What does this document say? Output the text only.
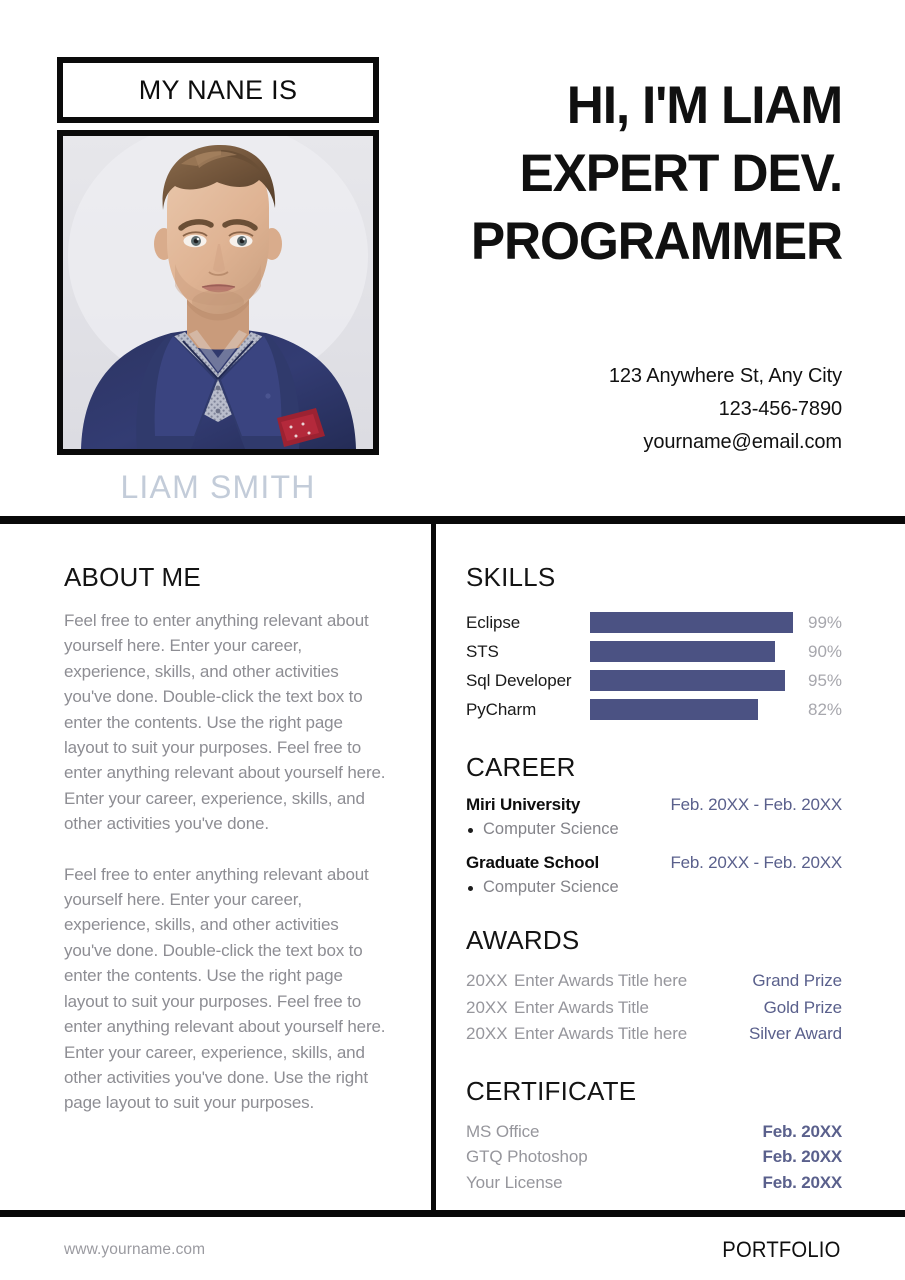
MY NANE IS
LIAM SMITH
HI, I'M LIAM
EXPERT DEV.
PROGRAMMER
123 Anywhere St, Any City
123-456-7890
yourname@email.com
ABOUT ME

Feel free to enter anything relevant about yourself here. Enter your career, experience, skills, and other activities you've done. Double-click the text box to enter the contents. Use the right page layout to suit your purposes. Feel free to enter anything relevant about yourself here. Enter your career, experience, skills, and other activities you've done.

Feel free to enter anything relevant about yourself here. Enter your career, experience, skills, and other activities you've done. Double-click the text box to enter the contents. Use the right page layout to suit your purposes. Feel free to enter anything relevant about yourself here. Enter your career, experience, skills, and other activities you've done. Use the right page layout to suit your purposes.

SKILLS
Eclipse	99%
STS	90%
Sql Developer	95%
PyCharm	82%
CAREER
Miri University	Feb. 20XX - Feb. 20XX
Computer Science
Graduate School	Feb. 20XX - Feb. 20XX
Computer Science
AWARDS
20XX Enter Awards Title here	Grand Prize
20XX Enter Awards Title	Gold Prize
20XX Enter Awards Title here	Silver Award
CERTIFICATE
MS Office	Feb. 20XX
GTQ Photoshop	Feb. 20XX
Your License	Feb. 20XX
www.yourname.com	PORTFOLIO
